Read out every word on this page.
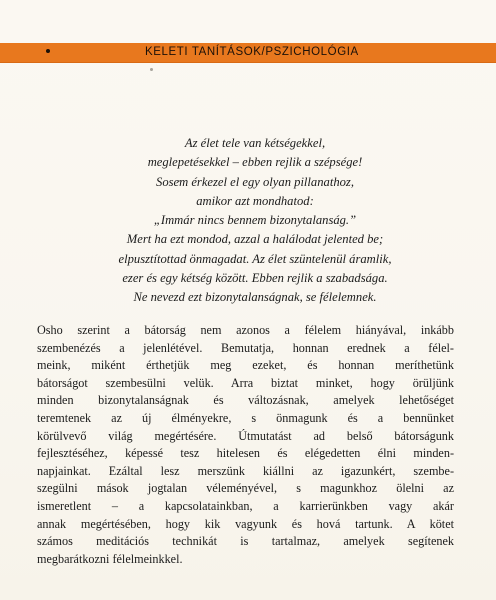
KELETI TANÍTÁSOK/PSZICHOLÓGIA
Az élet tele van kétségekkel,
meglepetésekkel – ebben rejlik a szépsége!
Sosem érkezel el egy olyan pillanathoz,
amikor azt mondhatod:
„Immár nincs bennem bizonytalanság.”
Mert ha ezt mondod, azzal a halálodat jelented be;
elpusztítottad önmagadat. Az élet szüntelenül áramlik,
ezer és egy kétség között. Ebben rejlik a szabadsága.
Ne nevezd ezt bizonytalanságnak, se félelemnek.
Osho szerint a bátorság nem azonos a félelem hiányával, inkább
szembenézés a jelenlétével. Bemutatja, honnan erednek a félel-
meink, miként érthetjük meg ezeket, és honnan meríthetünk
bátorságot szembesülni velük. Arra biztat minket, hogy örüljünk
minden bizonytalanságnak és változásnak, amelyek lehetőséget
teremtenek az új élményekre, s önmagunk és a bennünket
körülvevő világ megértésére. Útmutatást ad belső bátorságunk
fejlesztéséhez, képessé tesz hitelesen és elégedetten élni minden-
napjainkat. Ezáltal lesz merszünk kiállni az igazunkért, szembe-
szegülni mások jogtalan véleményével, s magunkhoz ölelni az
ismeretlent – a kapcsolatainkban, a karrierünkben vagy akár
annak megértésében, hogy kik vagyunk és hová tartunk. A kötet
számos meditációs technikát is tartalmaz, amelyek segítenek
megbarátkozni félelmeinkkel.
